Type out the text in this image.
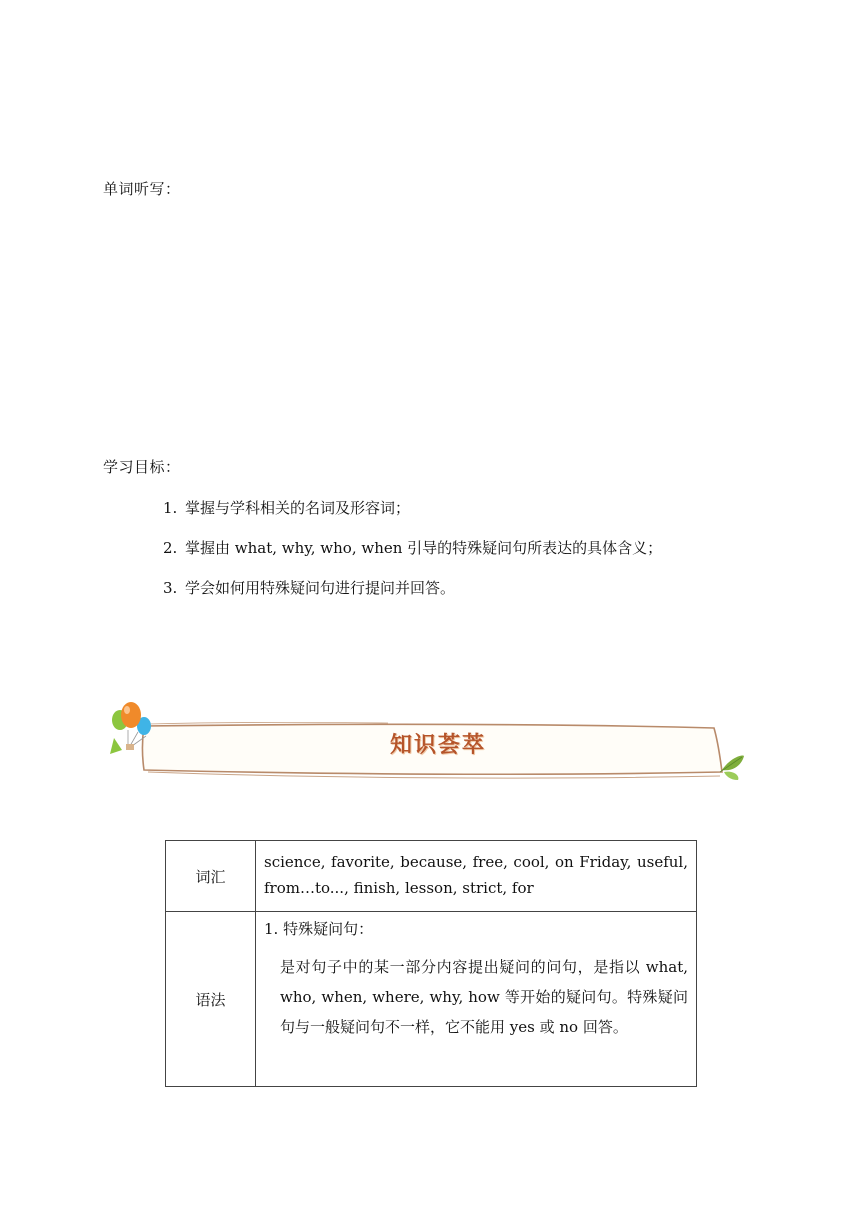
单词听写：
学习目标：
1. 掌握与学科相关的名词及形容词；
2. 掌握由 what, why, who, when 引导的特殊疑问句所表达的具体含义；
3. 学会如何用特殊疑问句进行提问并回答。
知识荟萃
词汇	science, favorite, because, free, cool, on Friday, useful, from…to..., finish, lesson, strict, for

语法	1. 特殊疑问句：
是对句子中的某一部分内容提出疑问的问句，是指以 what, who, when, where, why, how 等开始的疑问句。特殊疑问句与一般疑问句不一样，它不能用 yes 或 no 回答。
